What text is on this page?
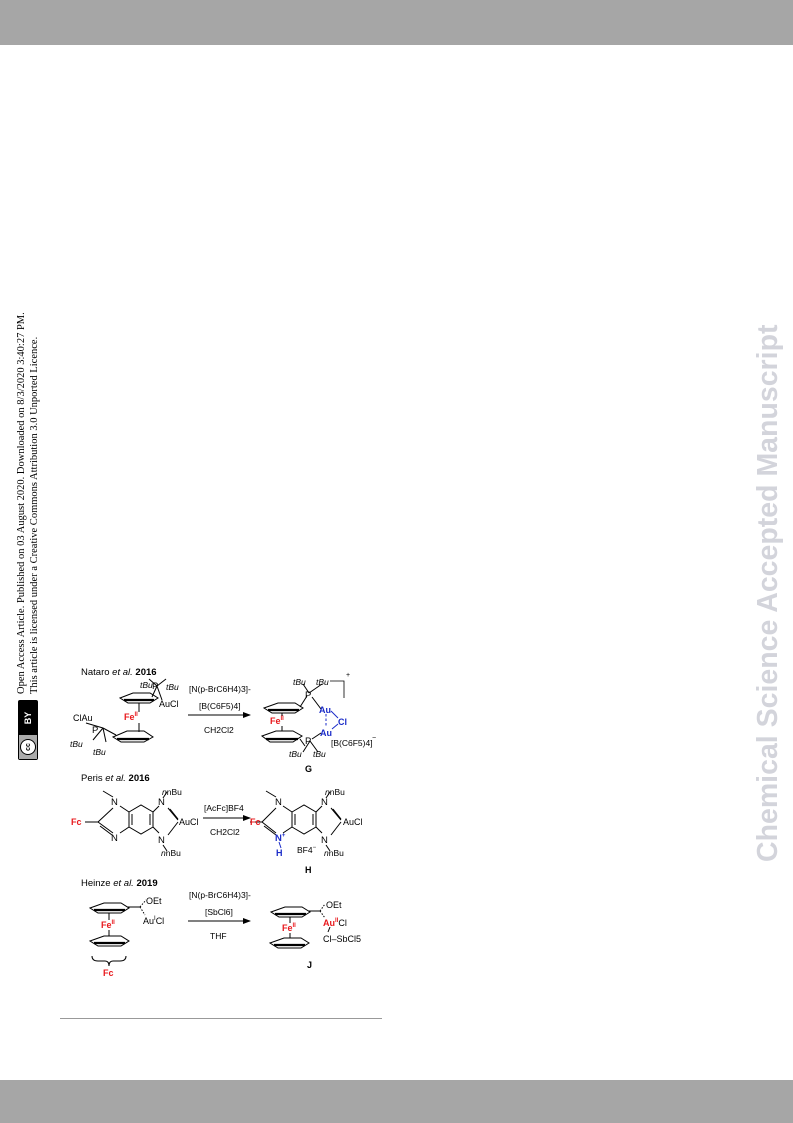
cc
BY
Open Access Article. Published on 03 August 2020. Downloaded on 8/3/2020 3:40:27 PM. This article is licensed under a Creative Commons Attribution 3.0 Unported Licence.	Chemical Science Accepted Manuscript
Nataro et al. 2016
tBu tBu
P
AuCl
$Fe^{II}$
ClAu
P
tBu
tBu
[N(p-BrC6H4)3]-
[B(C6F5)4]
CH2Cl2
tBu tBu
P
+
$Fe^{II}$
Au
Cl
Au
P
tBu tBu
[B(C6F5)4] −
G
Peris et al. 2016
Fc
N
N
N
N
nnBu
nnBu
AuCl
[AcFc]BF4
CH2Cl2
Fc
N
N+
H
N
N
nnBu
nnBu
AuCl
BF4−
H
Heinze et al. 2019
OEt
$Au^ICl$
$Fe^{II}$
Fc
[N(p-BrC6H4)3]-
[SbCl6]
THF
OEt
$Au^{II}Cl$
$Fe^{II}$
Cl–SbCl5
J
